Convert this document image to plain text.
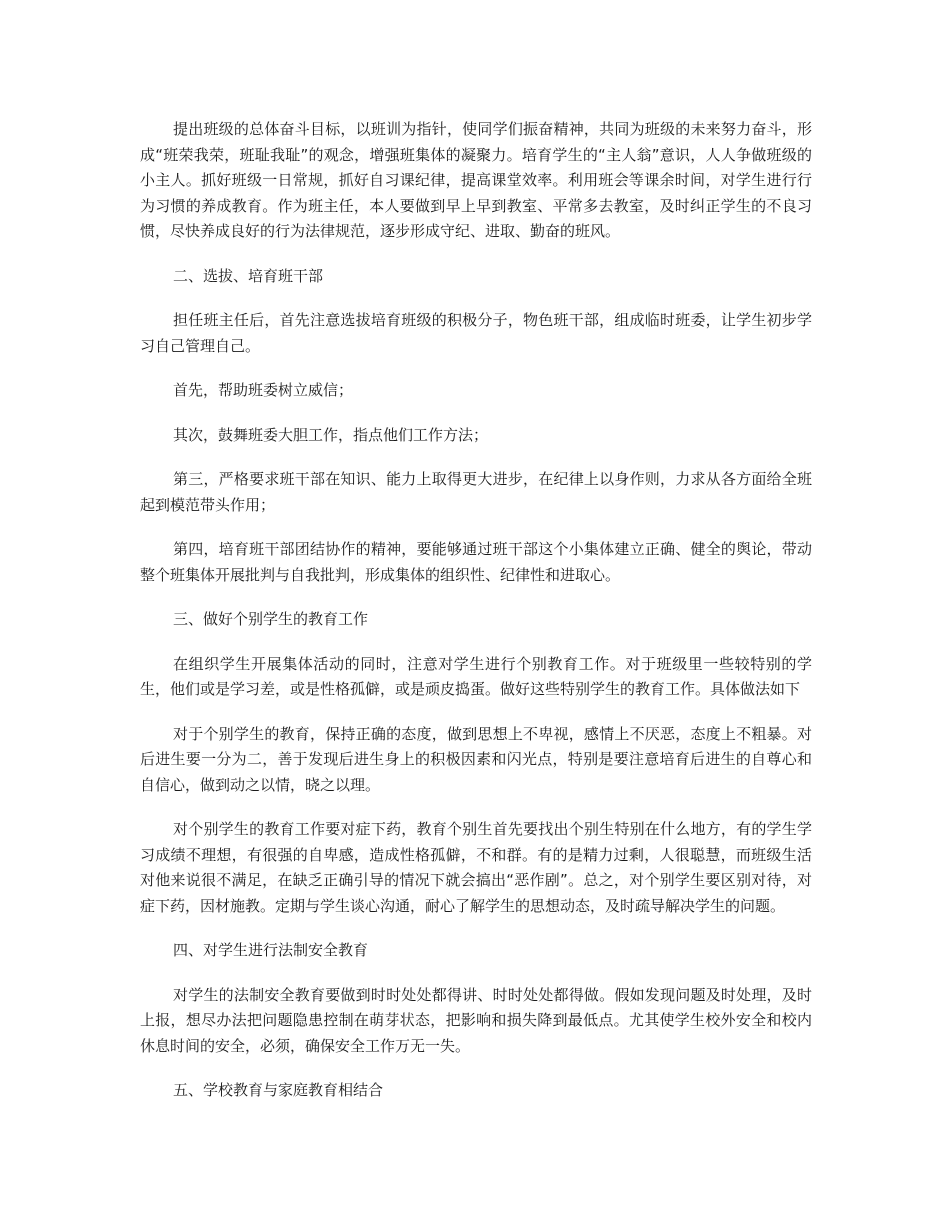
提出班级的总体奋斗目标，以班训为指针，使同学们振奋精神，共同为班级的未来努力奋斗，形成“班荣我荣，班耻我耻”的观念，增强班集体的凝聚力。培育学生的“主人翁”意识，人人争做班级的小主人。抓好班级一日常规，抓好自习课纪律，提高课堂效率。利用班会等课余时间，对学生进行行为习惯的养成教育。作为班主任，本人要做到早上早到教室、平常多去教室，及时纠正学生的不良习惯，尽快养成良好的行为法律规范，逐步形成守纪、进取、勤奋的班风。

二、选拔、培育班干部

担任班主任后，首先注意选拔培育班级的积极分子，物色班干部，组成临时班委，让学生初步学习自己管理自己。

首先，帮助班委树立威信；

其次，鼓舞班委大胆工作，指点他们工作方法；

第三，严格要求班干部在知识、能力上取得更大进步，在纪律上以身作则，力求从各方面给全班起到模范带头作用；

第四，培育班干部团结协作的精神，要能够通过班干部这个小集体建立正确、健全的舆论，带动整个班集体开展批判与自我批判，形成集体的组织性、纪律性和进取心。

三、做好个别学生的教育工作

在组织学生开展集体活动的同时，注意对学生进行个别教育工作。对于班级里一些较特别的学生，他们或是学习差，或是性格孤僻，或是顽皮捣蛋。做好这些特别学生的教育工作。具体做法如下

对于个别学生的教育，保持正确的态度，做到思想上不卑视，感情上不厌恶，态度上不粗暴。对后进生要一分为二，善于发现后进生身上的积极因素和闪光点，特别是要注意培育后进生的自尊心和自信心，做到动之以情，晓之以理。

对个别学生的教育工作要对症下药，教育个别生首先要找出个别生特别在什么地方，有的学生学习成绩不理想，有很强的自卑感，造成性格孤僻，不和群。有的是精力过剩，人很聪慧，而班级生活对他来说很不满足，在缺乏正确引导的情况下就会搞出“恶作剧”。总之，对个别学生要区别对待，对症下药，因材施教。定期与学生谈心沟通，耐心了解学生的思想动态，及时疏导解决学生的问题。

四、对学生进行法制安全教育

对学生的法制安全教育要做到时时处处都得讲、时时处处都得做。假如发现问题及时处理，及时上报，想尽办法把问题隐患控制在萌芽状态，把影响和损失降到最低点。尤其使学生校外安全和校内休息时间的安全，必须，确保安全工作万无一失。

五、学校教育与家庭教育相结合
